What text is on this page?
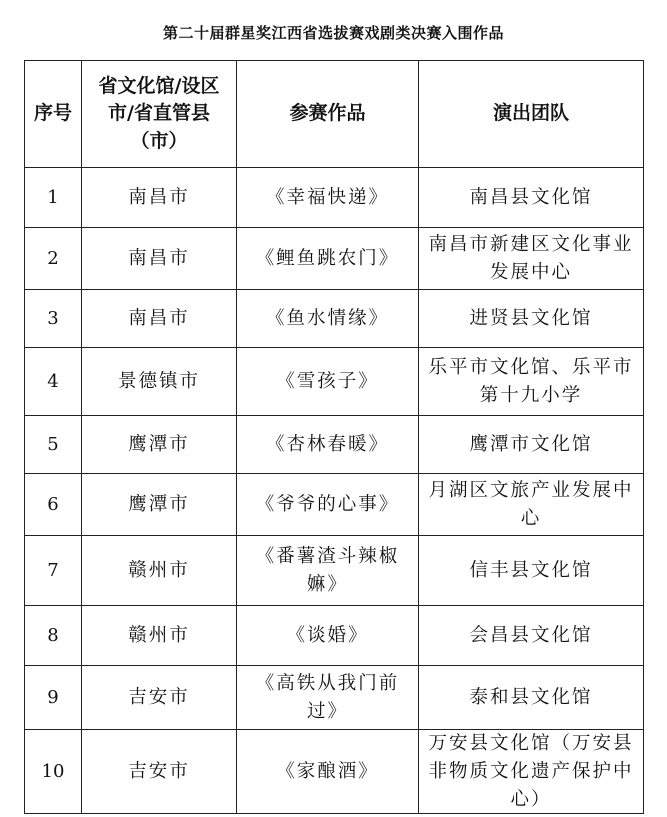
第二十届群星奖江西省选拔赛戏剧类决赛入围作品
序号	省文化馆/设区市/省直管县（市）	参赛作品	演出团队
1	南昌市	《幸福快递》	南昌县文化馆
2	南昌市	《鲤鱼跳农门》	南昌市新建区文化事业发展中心
3	南昌市	《鱼水情缘》	进贤县文化馆
4	景德镇市	《雪孩子》	乐平市文化馆、乐平市第十九小学
5	鹰潭市	《杏林春暖》	鹰潭市文化馆
6	鹰潭市	《爷爷的心事》	月湖区文旅产业发展中心
7	赣州市	《番薯渣斗辣椒嫲》	信丰县文化馆
8	赣州市	《谈婚》	会昌县文化馆
9	吉安市	《高铁从我门前过》	泰和县文化馆
10	吉安市	《家酿酒》	万安县文化馆（万安县非物质文化遗产保护中心）
